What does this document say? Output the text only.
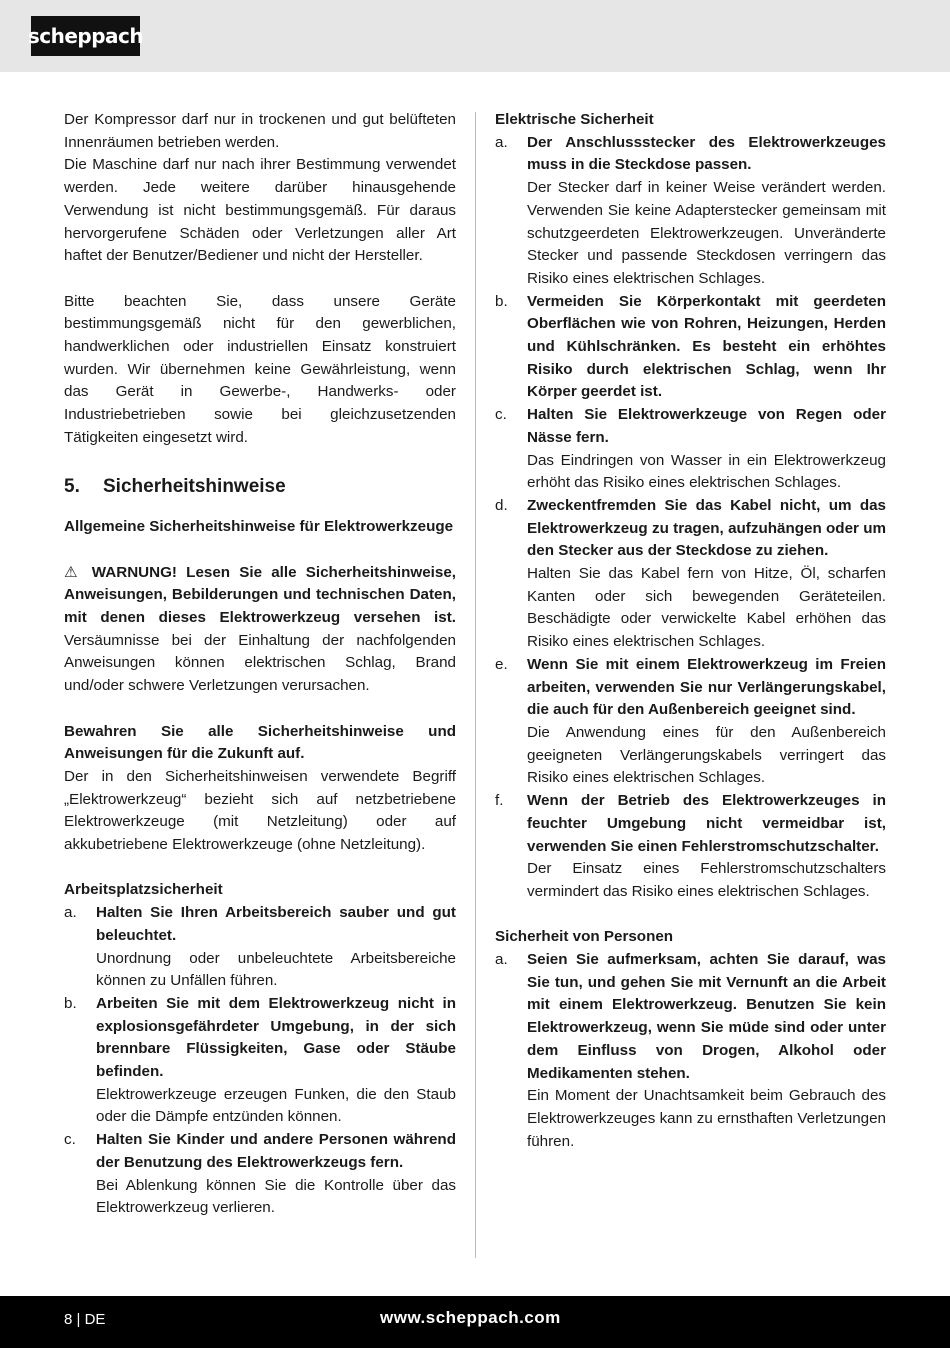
scheppach

Der Kompressor darf nur in trockenen und gut belüfteten Innenräumen betrieben werden.

Die Maschine darf nur nach ihrer Bestimmung verwendet werden. Jede weitere darüber hinausgehende Verwendung ist nicht bestimmungsgemäß. Für daraus hervorgerufene Schäden oder Verletzungen aller Art haftet der Benutzer/Bediener und nicht der Hersteller.

Bitte beachten Sie, dass unsere Geräte bestimmungsgemäß nicht für den gewerblichen, handwerklichen oder industriellen Einsatz konstruiert wurden. Wir übernehmen keine Gewährleistung, wenn das Gerät in Gewerbe-, Handwerks- oder Industriebetrieben sowie bei gleichzusetzenden Tätigkeiten eingesetzt wird.

5.	Sicherheitshinweise

Allgemeine Sicherheitshinweise für Elektrowerkzeuge

⚠ WARNUNG! Lesen Sie alle Sicherheitshinweise, Anweisungen, Bebilderungen und technischen Daten, mit denen dieses Elektrowerkzeug versehen ist. Versäumnisse bei der Einhaltung der nachfolgenden Anweisungen können elektrischen Schlag, Brand und/oder schwere Verletzungen verursachen.

Bewahren Sie alle Sicherheitshinweise und Anweisungen für die Zukunft auf.

Der in den Sicherheitshinweisen verwendete Begriff „Elektrowerkzeug“ bezieht sich auf netzbetriebene Elektrowerkzeuge (mit Netzleitung) oder auf akkubetriebene Elektrowerkzeuge (ohne Netzleitung).

Arbeitsplatzsicherheit

a.	Halten Sie Ihren Arbeitsbereich sauber und gut beleuchtet.

Unordnung oder unbeleuchtete Arbeitsbereiche können zu Unfällen führen.

b.	Arbeiten Sie mit dem Elektrowerkzeug nicht in explosionsgefährdeter Umgebung, in der sich brennbare Flüssigkeiten, Gase oder Stäube befinden.

Elektrowerkzeuge erzeugen Funken, die den Staub oder die Dämpfe entzünden können.

c.	Halten Sie Kinder und andere Personen während der Benutzung des Elektrowerkzeugs fern.

Bei Ablenkung können Sie die Kontrolle über das Elektrowerkzeug verlieren.

Elektrische Sicherheit

a.	Der Anschlussstecker des Elektrowerkzeuges muss in die Steckdose passen.

Der Stecker darf in keiner Weise verändert werden. Verwenden Sie keine Adapterstecker gemeinsam mit schutzgeerdeten Elektrowerkzeugen. Unveränderte Stecker und passende Steckdosen verringern das Risiko eines elektrischen Schlages.

b.	Vermeiden Sie Körperkontakt mit geerdeten Oberflächen wie von Rohren, Heizungen, Herden und Kühlschränken. Es besteht ein erhöhtes Risiko durch elektrischen Schlag, wenn Ihr Körper geerdet ist.

c.	Halten Sie Elektrowerkzeuge von Regen oder Nässe fern.

Das Eindringen von Wasser in ein Elektrowerkzeug erhöht das Risiko eines elektrischen Schlages.

d.	Zweckentfremden Sie das Kabel nicht, um das Elektrowerkzeug zu tragen, aufzuhängen oder um den Stecker aus der Steckdose zu ziehen.

Halten Sie das Kabel fern von Hitze, Öl, scharfen Kanten oder sich bewegenden Geräteteilen. Beschädigte oder verwickelte Kabel erhöhen das Risiko eines elektrischen Schlages.

e.	Wenn Sie mit einem Elektrowerkzeug im Freien arbeiten, verwenden Sie nur Verlängerungskabel, die auch für den Außenbereich geeignet sind.

Die Anwendung eines für den Außenbereich geeigneten Verlängerungskabels verringert das Risiko eines elektrischen Schlages.

f.	Wenn der Betrieb des Elektrowerkzeuges in feuchter Umgebung nicht vermeidbar ist, verwenden Sie einen Fehlerstromschutzschalter.

Der Einsatz eines Fehlerstromschutzschalters vermindert das Risiko eines elektrischen Schlages.

Sicherheit von Personen

a.	Seien Sie aufmerksam, achten Sie darauf, was Sie tun, und gehen Sie mit Vernunft an die Arbeit mit einem Elektrowerkzeug. Benutzen Sie kein Elektrowerkzeug, wenn Sie müde sind oder unter dem Einfluss von Drogen, Alkohol oder Medikamenten stehen.

Ein Moment der Unachtsamkeit beim Gebrauch des Elektrowerkzeuges kann zu ernsthaften Verletzungen führen.

8 | DE	www.scheppach.com
